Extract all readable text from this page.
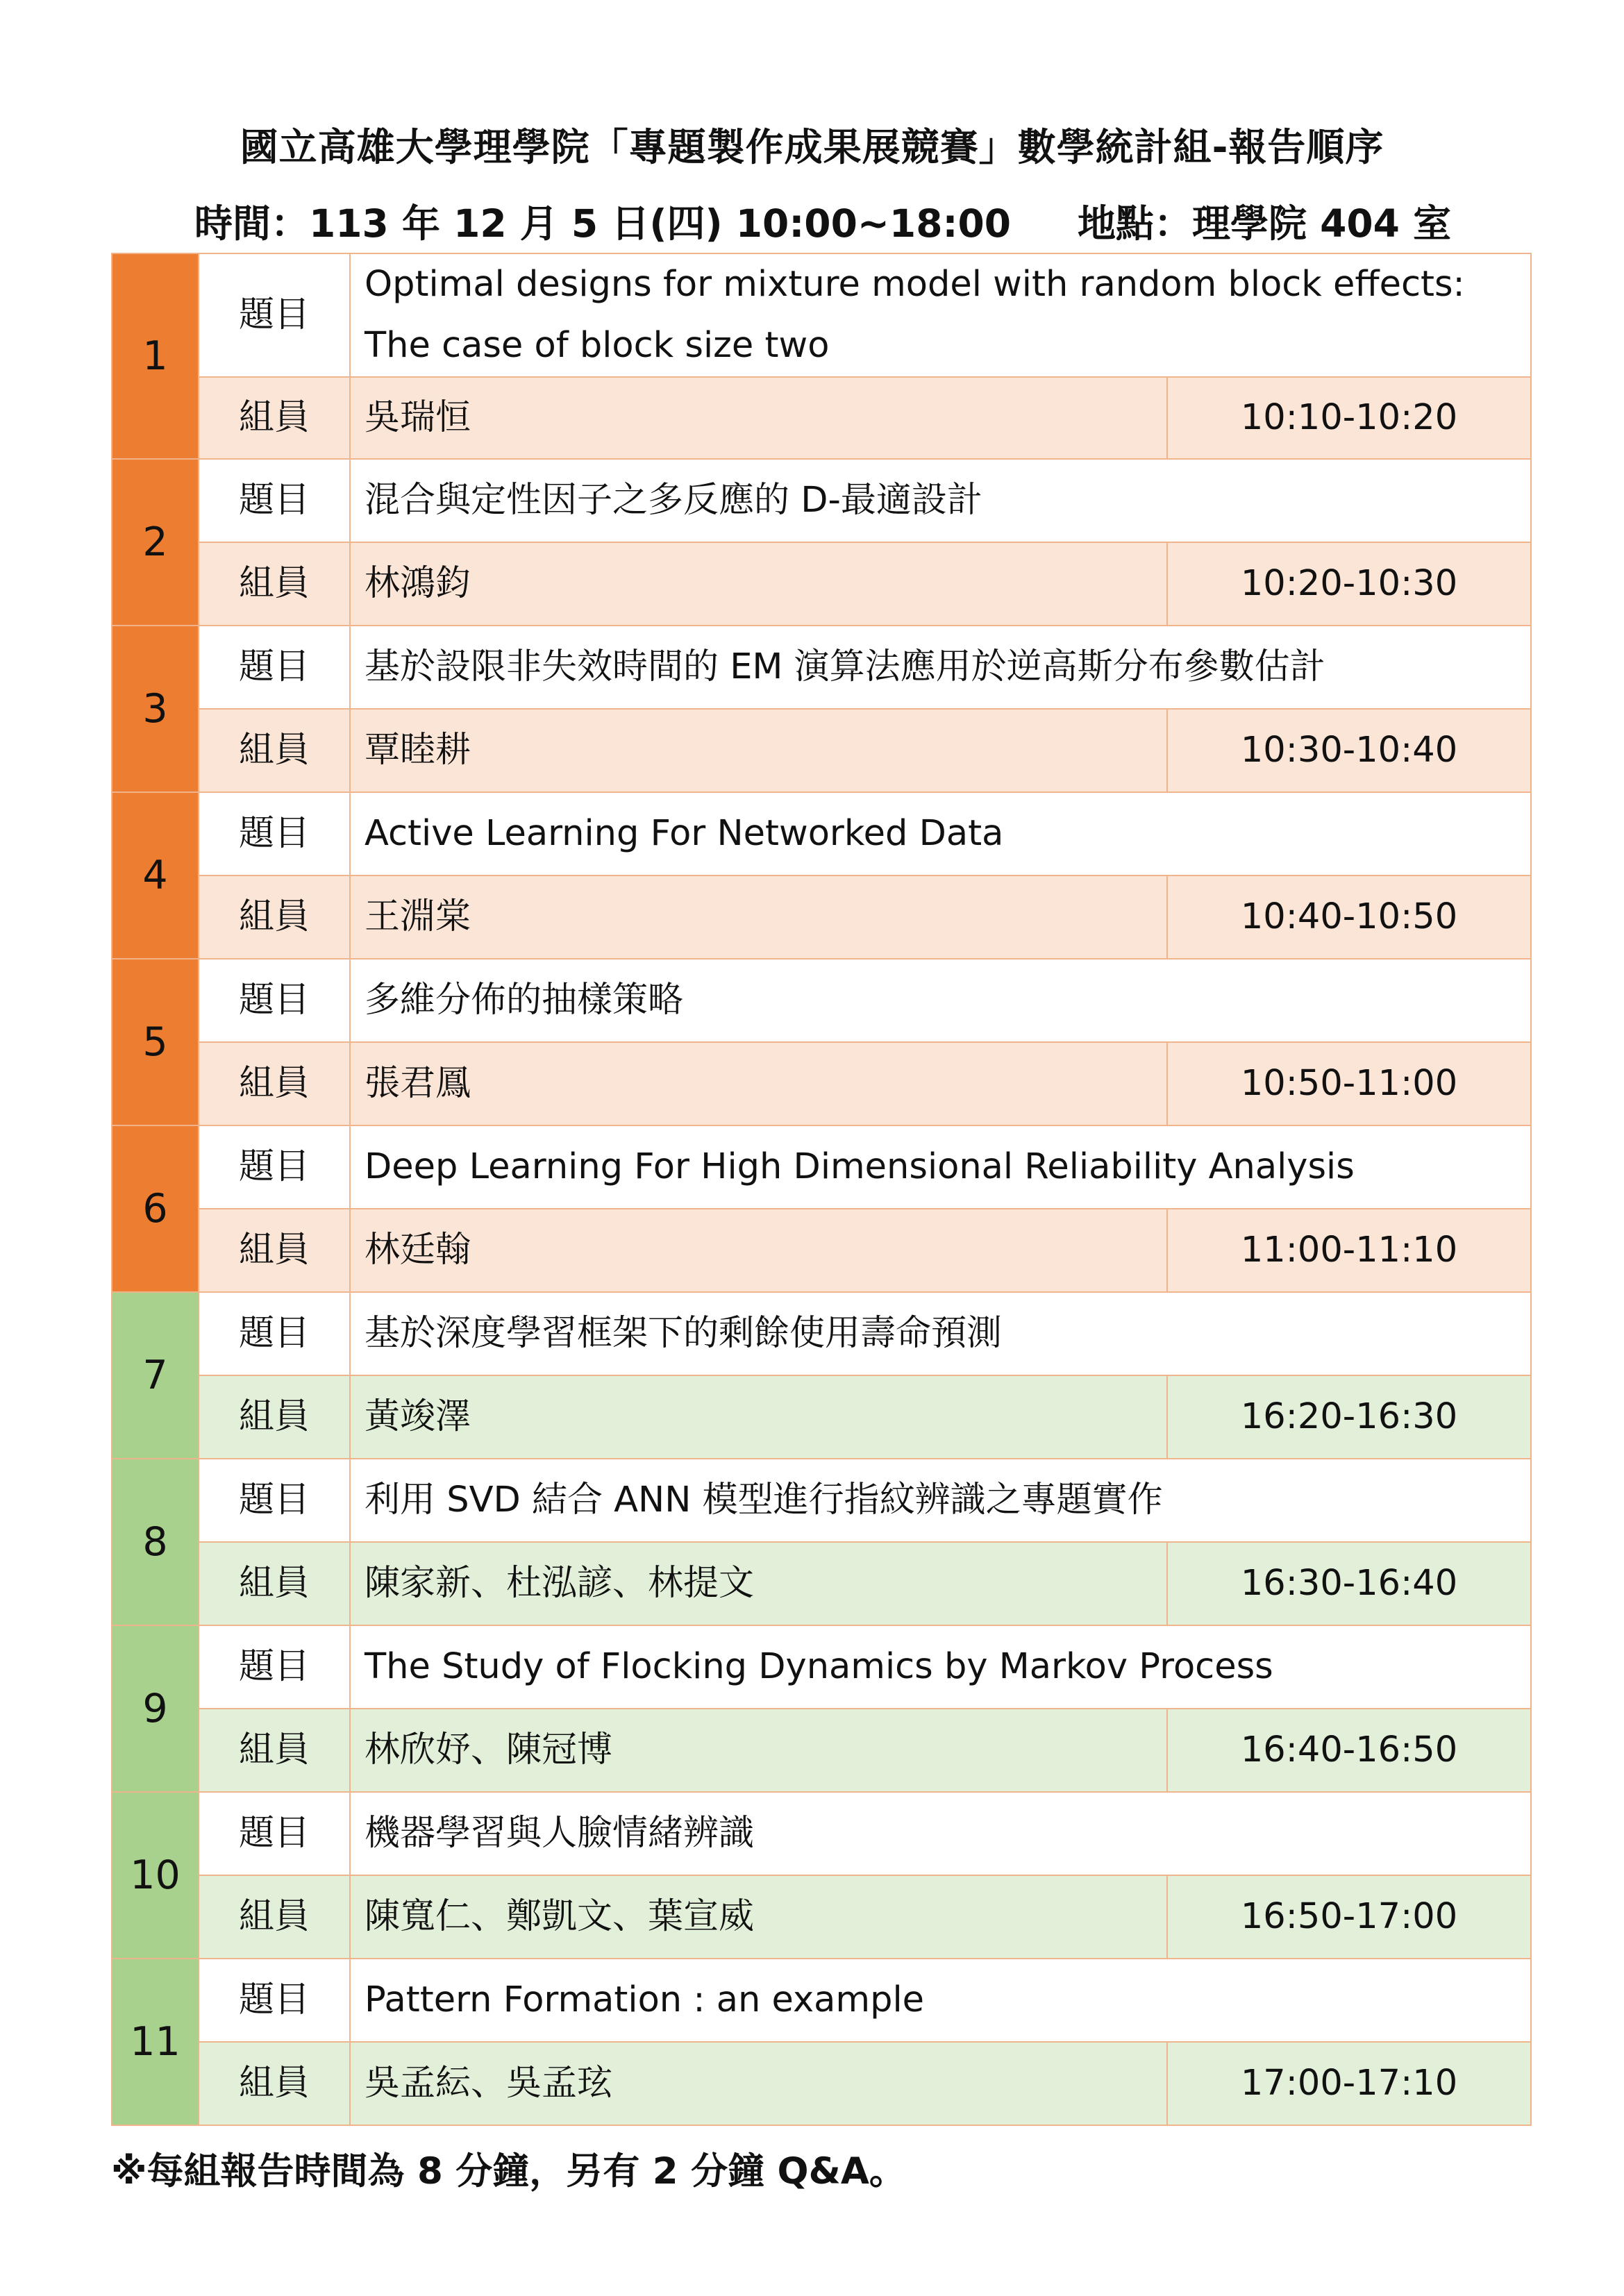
國立高雄大學理學院「專題製作成果展競賽」數學統計組-報告順序
時間：113 年 12 月 5 日(四) 10:00~18:00 地點：理學院 404 室
1	題目	Optimal designs for mixture model with random block effects: The case of block size two	
	組員	吳瑞恒	10:10-10:20
2	題目	混合與定性因子之多反應的 D-最適設計	
	組員	林鴻鈞	10:20-10:30
3	題目	基於設限非失效時間的 EM 演算法應用於逆高斯分布參數估計	
	組員	覃睦耕	10:30-10:40
4	題目	Active Learning For Networked Data	
	組員	王淵棠	10:40-10:50
5	題目	多維分佈的抽樣策略	
	組員	張君鳳	10:50-11:00
6	題目	Deep Learning For High Dimensional Reliability Analysis	
	組員	林廷翰	11:00-11:10
7	題目	基於深度學習框架下的剩餘使用壽命預測	
	組員	黃竣澤	16:20-16:30
8	題目	利用 SVD 結合 ANN 模型進行指紋辨識之專題實作	
	組員	陳家新、杜泓諺、林提文	16:30-16:40
9	題目	The Study of Flocking Dynamics by Markov Process	
	組員	林欣妤、陳冠博	16:40-16:50
10	題目	機器學習與人臉情緒辨識	
	組員	陳寬仁、鄭凱文、葉宣威	16:50-17:00
11	題目	Pattern Formation : an example	
	組員	吳孟紜、吳孟玹	17:00-17:10
※每組報告時間為 8 分鐘，另有 2 分鐘 Q&A。
